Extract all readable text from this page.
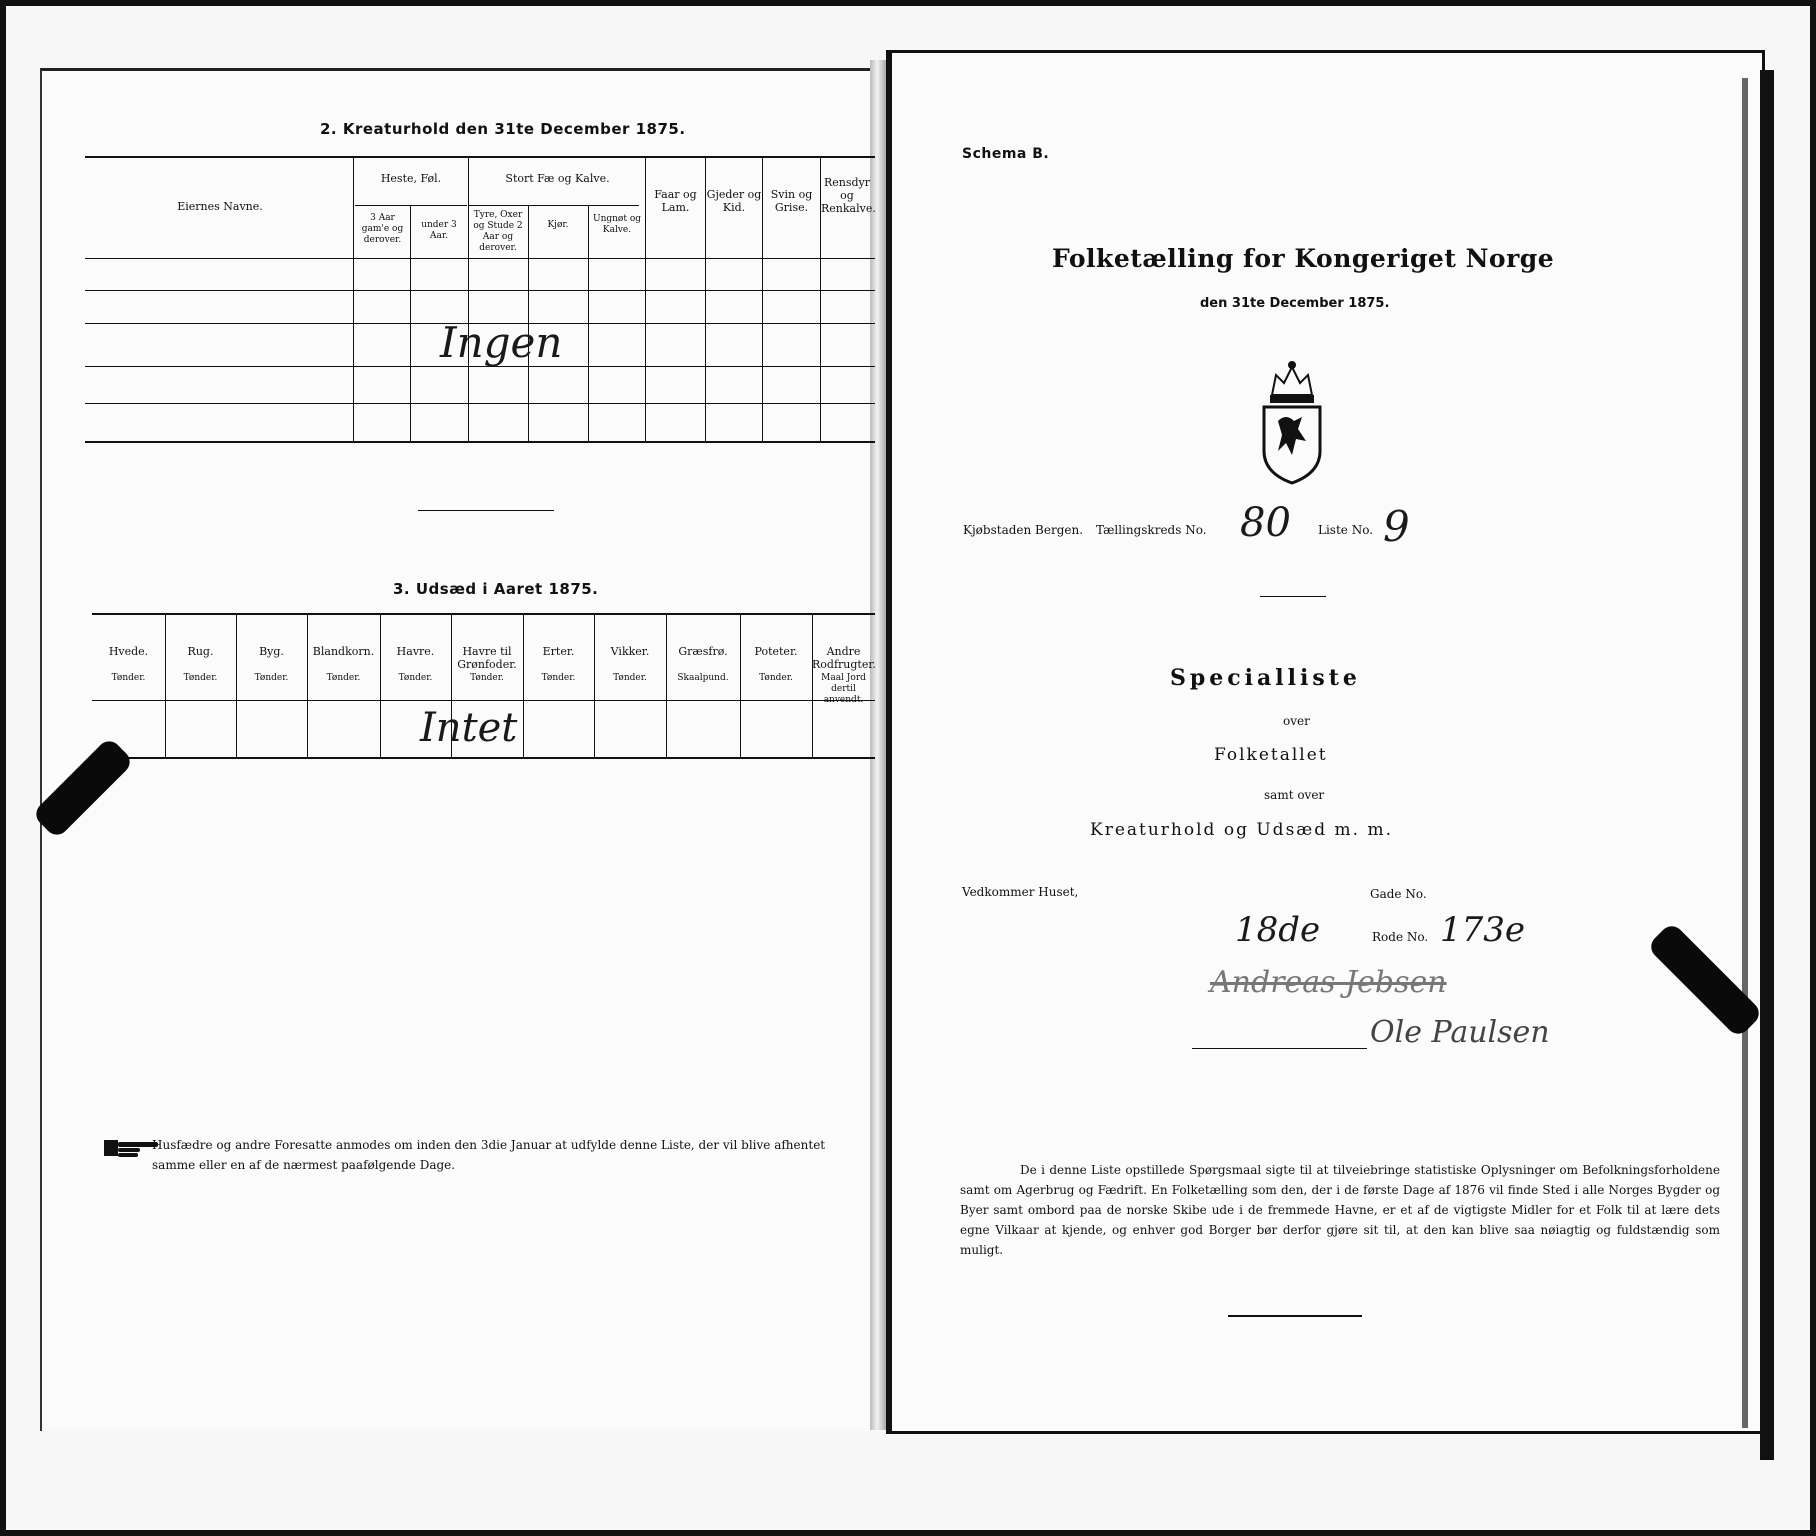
2. Kreaturhold den 31te December 1875.
Eiernes Navne.
Heste, Føl.
3 Aar gam'e og derover.
under 3 Aar.
Stort Fæ og Kalve.
Tyre, Oxer og Stude 2 Aar og derover.
Kjør.
Ungnøt og Kalve.
Faar og Lam.
Gjeder og Kid.
Svin og Grise.
Rensdyr og Renkalve.
Ingen
3. Udsæd i Aaret 1875.
Hvede.
Tønder.
Rug.
Tønder.
Byg.
Tønder.
Blandkorn.
Tønder.
Havre.
Tønder.
Havre til Grønfoder.
Tønder.
Erter.
Tønder.
Vikker.
Tønder.
Græsfrø.
Skaalpund.
Poteter.
Tønder.
Andre Rodfrugter.
Maal Jord dertil anvendt.
Intet
Husfædre og andre Foresatte anmodes om inden den 3die Januar at udfylde denne Liste, der vil blive afhentet samme eller en af de nærmest paafølgende Dage.
Schema B.
Folketælling for Kongeriget Norge
den 31te December 1875.
Kjøbstaden Bergen. Tællingskreds No. 80 Liste No. 9
Specialliste
over
Folketallet
samt over
Kreaturhold og Udsæd m. m.
Vedkommer Huset,	Gade No.
18de	Rode No. 173e
Andreas Jebsen
Ole Paulsen
De i denne Liste opstillede Spørgsmaal sigte til at tilveiebringe statistiske Oplysninger om Befolkningsforholdene samt om Agerbrug og Fædrift. En Folketælling som den, der i de første Dage af 1876 vil finde Sted i alle Norges Bygder og Byer samt ombord paa de norske Skibe ude i de fremmede Havne, er et af de vigtigste Midler for et Folk til at lære dets egne Vilkaar at kjende, og enhver god Borger bør derfor gjøre sit til, at den kan blive saa nøiagtig og fuldstændig som muligt.
